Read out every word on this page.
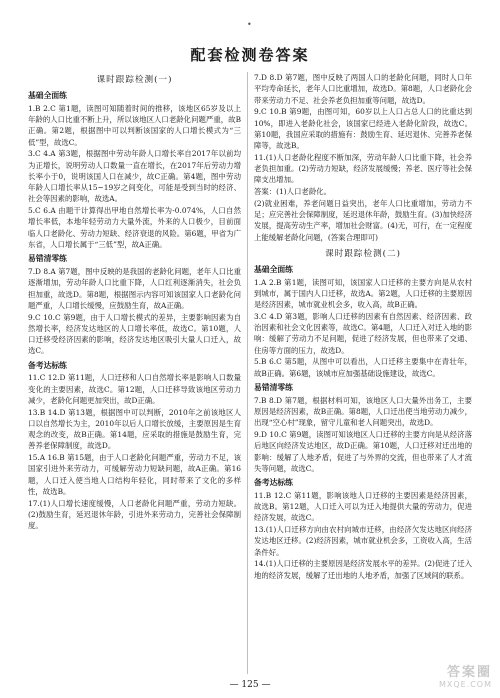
•
配套检测卷答案
课时跟踪检测(一)
基础全面练
1.B 2.C 第1题，读图可知随着时间的推移，该地区65岁及以上年龄的人口比重不断上升，所以该地区人口老龄化问题严重，故B正确。第2题，根据图中可以判断该国家的人口增长模式为“三低”型，故选C。
3.C 4.A 第3题，根据图中劳动年龄人口增长率自2017年以前均为正增长，说明劳动人口数量一直在增长，在2017年后劳动力增长率小于0，说明该国人口在减少，故C正确。第4题，图中劳动年龄人口增长率从15~19岁之间变化，可能是受到当时的经济、社会等因素的影响，故选A。
5.C 6.A 由题干计算得出甲地自然增长率为-0.074%，人口自然增长率低，本地年轻劳动力大量外流，外来的人口极少，目前面临人口老龄化、劳动力短缺、经济衰退的风险。第6题，甲省为广东省，人口增长属于“三低”型，故A正确。
易错清零练
7.D 8.A 第7题，图中反映的是我国的老龄化问题，老年人口比重逐渐增加，劳动年龄人口比重下降，人口红利逐渐消失，社会负担加重，故选D。第8题，根据图示内容可知该国家人口老龄化问题严重，人口增长缓慢，应鼓励生育，故A正确。
9.C 10.C 第9题，由于人口增长模式的差异，主要影响因素为自然增长率，经济发达地区的人口增长率低，故选C。第10题，人口迁移受经济因素的影响，经济发达地区吸引大量人口迁入，故选C。
备考达标练
11.C 12.D 第11题，人口迁移和人口自然增长率是影响人口数量变化的主要因素，故选C。第12题，人口迁移导致该地区劳动力减少，老龄化问题更加突出，故D正确。
13.B 14.D 第13题，根据图中可以判断，2010年之前该地区人口以自然增长为主，2010年以后人口增长放缓，主要原因是生育观念的改变，故B正确。第14题，应采取的措施是鼓励生育，完善养老保障制度，故选D。
15.A 16.B 第15题，由于人口老龄化问题严重，劳动力不足，该国家引进外来劳动力，可缓解劳动力短缺问题，故A正确。第16题，人口迁入使当地人口结构年轻化，同时带来了文化的多样性，故选B。
17.(1)人口增长速度缓慢，人口老龄化问题严重，劳动力短缺。(2)鼓励生育，延迟退休年龄，引进外来劳动力，完善社会保障制度。
7.D 8.D 第7题，图中反映了两国人口的老龄化问题，同时人口年平均寿命延长，老年人口比重增加，故选D。第8题，人口老龄化会带来劳动力不足、社会养老负担加重等问题，故选D。
9.C 10.B 第9题，由图可知，60岁以上人口占总人口的比重达到10%，即进入老龄化社会，该国家已经进入老龄化阶段，故选C。第10题，我国应采取的措施有：鼓励生育、延迟退休、完善养老保障等，故选B。
11.(1)人口老龄化程度不断加深，劳动年龄人口比重下降，社会养老负担加重。(2)劳动力短缺，经济发展缓慢；养老、医疗等社会保障支出增加。
答案：(1)人口老龄化。
(2)就业困难，养老问题日益突出，老年人口比重增加，劳动力不足；应完善社会保障制度，延迟退休年龄，鼓励生育。(3)加快经济发展，提高劳动生产率，增加社会财富。(4)无，可行，在一定程度上能缓解老龄化问题，(答案合理即可)
课时跟踪检测(二)
基础全面练
1.A 2.B 第1题，读图可知，该国家人口迁移的主要方向是从农村到城市，属于国内人口迁移，故选A。第2题，人口迁移的主要原因是经济因素，城市就业机会多，收入高，故B正确。
3.C 4.D 第3题，影响人口迁移的因素有自然因素、经济因素、政治因素和社会文化因素等，故选C。第4题，人口迁入对迁入地的影响：缓解了劳动力不足问题，促进了经济发展，但也带来了交通、住房等方面的压力，故选D。
5.B 6.C 第5题，从图中可以看出，人口迁移主要集中在青壮年，故B正确。第6题，该城市应加强基础设施建设，故选C。
易错清零练
7.B 8.D 第7题，根据材料可知，该地区人口大量外出务工，主要原因是经济因素，故B正确。第8题，人口迁出使当地劳动力减少，出现“空心村”现象，留守儿童和老人问题突出，故选D。
9.D 10.C 第9题，读图可知该地区人口迁移的主要方向是从经济落后地区向经济发达地区，故D正确。第10题，人口迁移对迁出地的影响：缓解了人地矛盾，促进了与外界的交流，但也带来了人才流失等问题，故选C。
备考达标练
11.B 12.C 第11题，影响该地人口迁移的主要因素是经济因素，故选B。第12题，人口迁入可以为迁入地提供大量的劳动力，促进经济发展，故选C。
13.(1)人口迁移方向由农村向城市迁移，由经济欠发达地区向经济发达地区迁移。(2)经济因素，城市就业机会多，工资收入高，生活条件好。
14.(1)人口迁移的主要原因是经济发展水平的差异。(2)促进了迁入地的经济发展，缓解了迁出地的人地矛盾，加强了区域间的联系。
— 125 —
答案圈
MXQE.COM
